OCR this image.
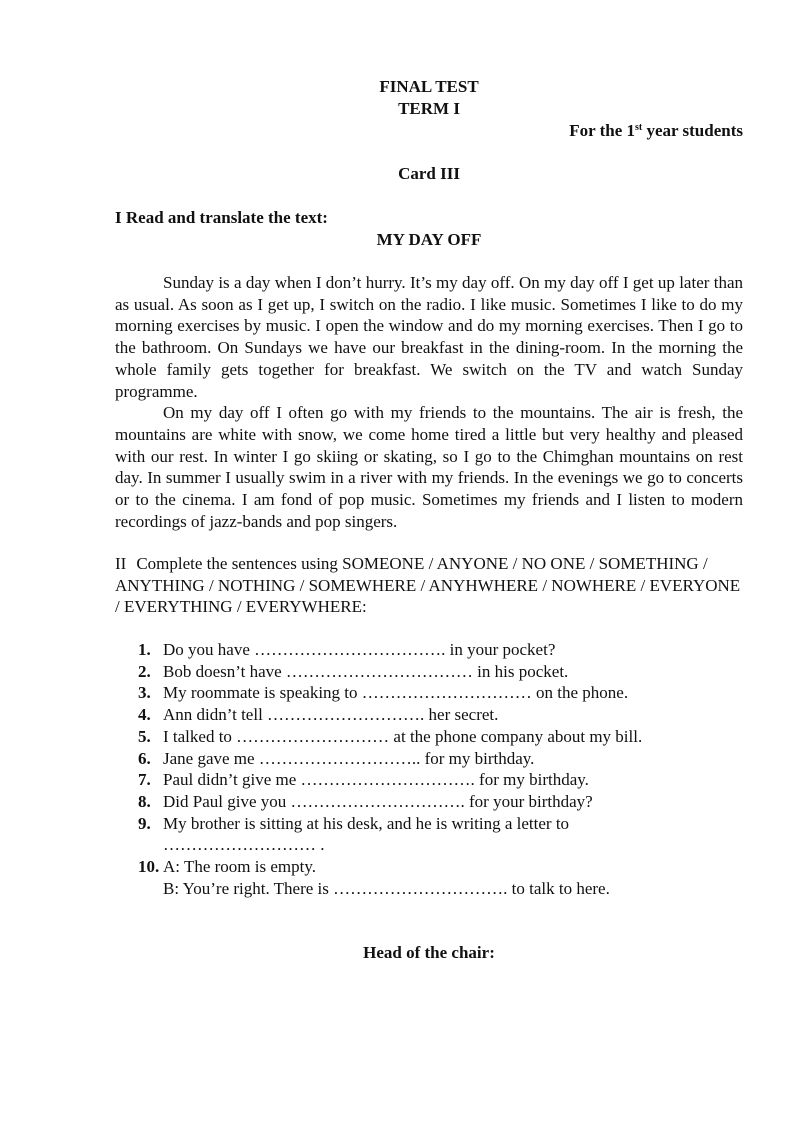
FINAL TEST
TERM I
For the 1st year students
Card III
I Read and translate the text:
MY DAY OFF

Sunday is a day when I don’t hurry. It’s my day off. On my day off I get up later than as usual. As soon as I get up, I switch on the radio. I like music. Sometimes I like to do my morning exercises by music. I open the window and do my morning exercises. Then I go to the bathroom. On Sundays we have our breakfast in the dining-room. In the morning the whole family gets together for breakfast. We switch on the TV and watch Sunday programme.

On my day off I often go with my friends to the mountains. The air is fresh, the mountains are white with snow, we come home tired a little but very healthy and pleased with our rest. In winter I go skiing or skating, so I go to the Chimghan mountains on rest day. In summer I usually swim in a river with my friends. In the evenings we go to concerts or to the cinema. I am fond of pop music. Sometimes my friends and I listen to modern recordings of jazz-bands and pop singers.

II Complete the sentences using SOMEONE / ANYONE / NO ONE / SOMETHING / ANYTHING / NOTHING / SOMEWHERE / ANYHWHERE / NOWHERE / EVERYONE / EVERYTHING / EVERYWHERE:
1. Do you have ……………………………. in your pocket?
2. Bob doesn’t have …………………………… in his pocket.
3. My roommate is speaking to ………………………… on the phone.
4. Ann didn’t tell ………………………. her secret.
5. I talked to ……………………… at the phone company about my bill.
6. Jane gave me ……………………….. for my birthday.
7. Paul didn’t give me …………………………. for my birthday.
8. Did Paul give you …………………………. for your birthday?
9. My brother is sitting at his desk, and he is writing a letter to
……………………… .
10. A: The room is empty.
B: You’re right. There is …………………………. to talk to here.
Head of the chair:
